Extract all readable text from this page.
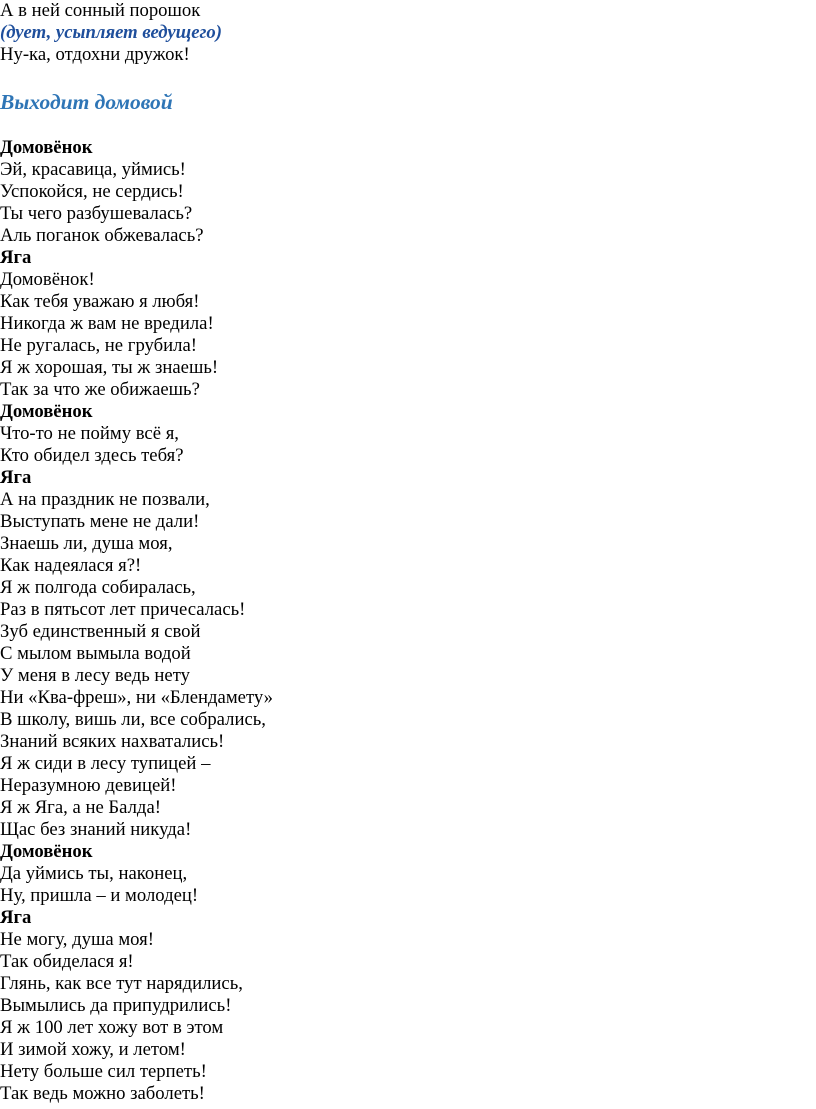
А в ней сонный порошок

(дует, усыпляет ведущего)

Ну-ка, отдохни дружок!

Выходит домовой

Домовёнок

Эй, красавица, уймись!

Успокойся, не сердись!

Ты чего разбушевалась?

Аль поганок обжевалась?

Яга

Домовёнок!

Как тебя уважаю я любя!

Никогда ж вам не вредила!

Не ругалась, не грубила!

Я ж хорошая, ты ж знаешь!

Так за что же обижаешь?

Домовёнок

Что-то не пойму всё я,

Кто обидел здесь тебя?

Яга

А на праздник не позвали,

Выступать мене не дали!

Знаешь ли, душа моя,

Как надеялася я?!

Я ж полгода собиралась,

Раз в пятьсот лет причесалась!

Зуб единственный я свой

С мылом вымыла водой

У меня в лесу ведь нету

Ни «Ква-фреш», ни «Блендамету»

В школу, вишь ли, все собрались,

Знаний всяких нахватались!

Я ж сиди в лесу тупицей –

Неразумною девицей!

Я ж Яга, а не Балда!

Щас без знаний никуда!

Домовёнок

Да уймись ты, наконец,

Ну, пришла – и молодец!

Яга

Не могу, душа моя!

Так обиделася я!

Глянь, как все тут нарядились,

Вымылись да припудрились!

Я ж 100 лет хожу вот в этом

И зимой хожу, и летом!

Нету больше сил терпеть!

Так ведь можно заболеть!
